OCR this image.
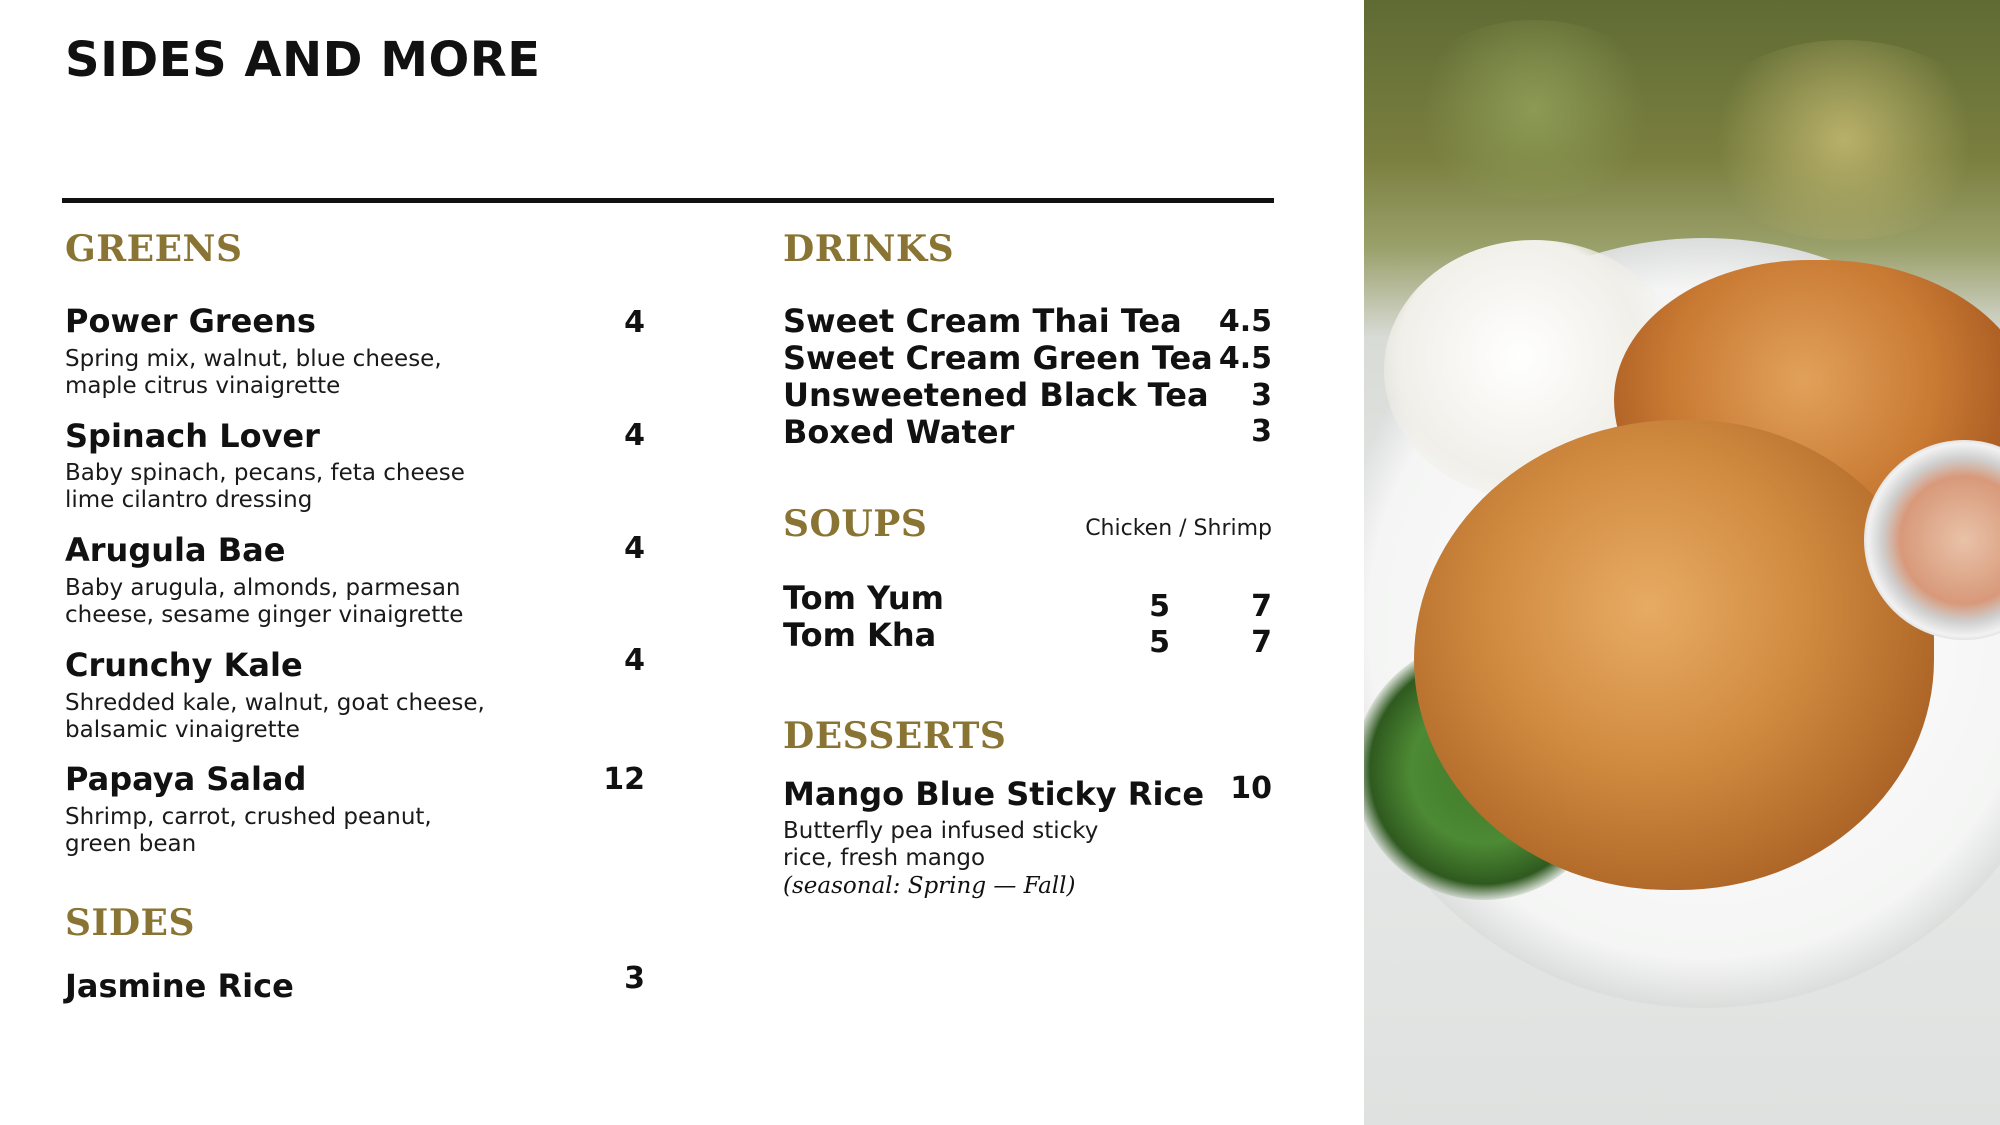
SIDES AND MORE
GREENS
Power Greens	4
Spring mix, walnut, blue cheese,
maple citrus vinaigrette
Spinach Lover	4
Baby spinach, pecans, feta cheese
lime cilantro dressing
Arugula Bae	4
Baby arugula, almonds, parmesan
cheese, sesame ginger vinaigrette
Crunchy Kale	4
Shredded kale, walnut, goat cheese,
balsamic vinaigrette
Papaya Salad	12
Shrimp, carrot, crushed peanut,
green bean
SIDES
Jasmine Rice	3
DRINKS
Sweet Cream Thai Tea	4.5
Sweet Cream Green Tea 4.5
Unsweetened Black Tea	3
Boxed Water	3
SOUPS	Chicken / Shrimp
Tom Yum	5	7
Tom Kha	5	7
DESSERTS
Mango Blue Sticky Rice 10
Butterfly pea infused sticky
rice, fresh mango
(seasonal: Spring — Fall)
